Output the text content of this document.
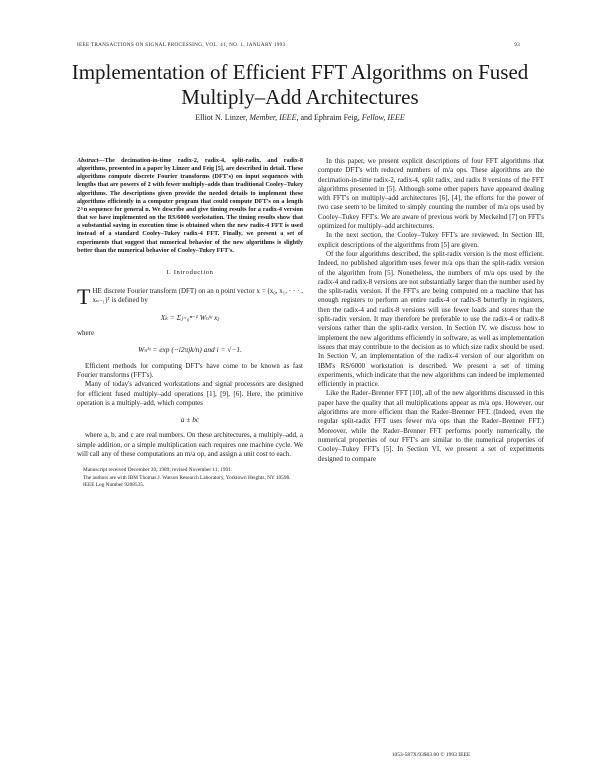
IEEE TRANSACTIONS ON SIGNAL PROCESSING, VOL. 41, NO. 1, JANUARY 1993	93
Implementation of Efficient FFT Algorithms on Fused Multiply–Add Architectures
Elliot N. Linzer, Member, IEEE, and Ephraim Feig, Fellow, IEEE

Abstract—The decimation-in-time radix-2, radix-4, split-radix, and radix-8 algorithms, presented in a paper by Linzer and Feig [5], are described in detail. These algorithms compute discrete Fourier transforms (DFT's) on input sequences with lengths that are powers of 2 with fewer multiply–adds than traditional Cooley–Tukey algorithms. The descriptions given provide the needed details to implement these algorithms efficiently in a computer program that could compute DFT's on a length 2^n sequence for general n. We describe and give timing results for a radix-4 version that we have implemented on the RS/6000 workstation. The timing results show that a substantial saving in execution time is obtained when the new radix-4 FFT is used instead of a standard Cooley–Tukey radix-4 FFT. Finally, we present a set of experiments that suggest that numerical behavior of the new algorithms is slightly better than the numerical behavior of Cooley–Tukey FFT's.

I. Introduction

THE discrete Fourier transform (DFT) on an n point vector x = (x₀, x₁, · · · , xₙ₋₁)ᵀ is defined by

Xₖ = Σⱼ₌₀ⁿ⁻¹ Wₙᵏʲ xⱼ

where

Wₙᵏʲ = exp (−i2πjk/n) and i = √−1.

Efficient methods for computing DFT's have come to be known as fast Fourier transforms (FFT's).

Many of today's advanced workstations and signal processors are designed for efficient fused multiply–add operations [1], [9], [6]. Here, the primitive operation is a multiply–add, which computes

a ± bc

where a, b, and c are real numbers. On these architectures, a multiply–add, a simple addition, or a simple multiplication each requires one machine cycle. We will call any of these computations an m/a op, and assign a unit cost to each.

Manuscript received December 30, 1989; revised November 11, 1991.

The authors are with IBM Thomas J. Watson Research Laboratory, Yorktown Heights, NY 10598.

IEEE Log Number 9208535.

In this paper, we present explicit descriptions of four FFT algorithms that compute DFT's with reduced numbers of m/a ops. These algorithms are the decimation-in-time radix-2, radix-4, split radix, and radix 8 versions of the FFT algorithms presented in [5]. Although some other papers have appeared dealing with FFT's on multiply–add architectures [6], [4], the efforts for the power of two case seem to be limited to simply counting the number of m/a ops used by Cooley–Tukey FFT's. We are aware of previous work by Meckelnd [7] on FFT's optimized for multiply–add architectures.

In the next section, the Cooley–Tukey FFT's are reviewed. In Section III, explicit descriptions of the algorithms from [5] are given.

Of the four algorithms described, the split-radix version is the most efficient. Indeed, no published algorithm uses fewer m/a ops than the split-radix version of the algorithm from [5]. Nonetheless, the numbers of m/a ops used by the radix-4 and radix-8 versions are not substantially larger than the number used by the split-radix version. If the FFT's are being computed on a machine that has enough registers to perform an entire radix-4 or radix-8 butterfly in registers, then the radix-4 and radix-8 versions will use fewer loads and stores than the split-radix version. It may therefore be preferable to use the radix-4 or radix-8 versions rather than the split-radix version. In Section IV, we discuss how to implement the new algorithms efficiently in software, as well as implementation issues that may contribute to the decision as to which size radix should be used. In Section V, an implementation of the radix-4 version of our algorithm on IBM's RS/6000 workstation is described. We present a set of timing experiments, which indicate that the new algorithms can indeed be implemented efficiently in practice.

Like the Rader–Brenner FFT [10], all of the new algorithms discussed in this paper have the quality that all multiplications appear as m/a ops. However, our algorithms are more efficient than the Rader–Brenner FFT. (Indeed, even the regular split-radix FFT uses fewer m/a ops than the Rader–Brenner FFT.) Moreover, while the Rader–Brenner FFT performs poorly numerically, the numerical properties of our FFT's are similar to the numerical properties of Cooley–Tukey FFT's [5]. In Section VI, we present a set of experiments designed to compare

1053-587X/93$03.00 © 1993 IEEE
